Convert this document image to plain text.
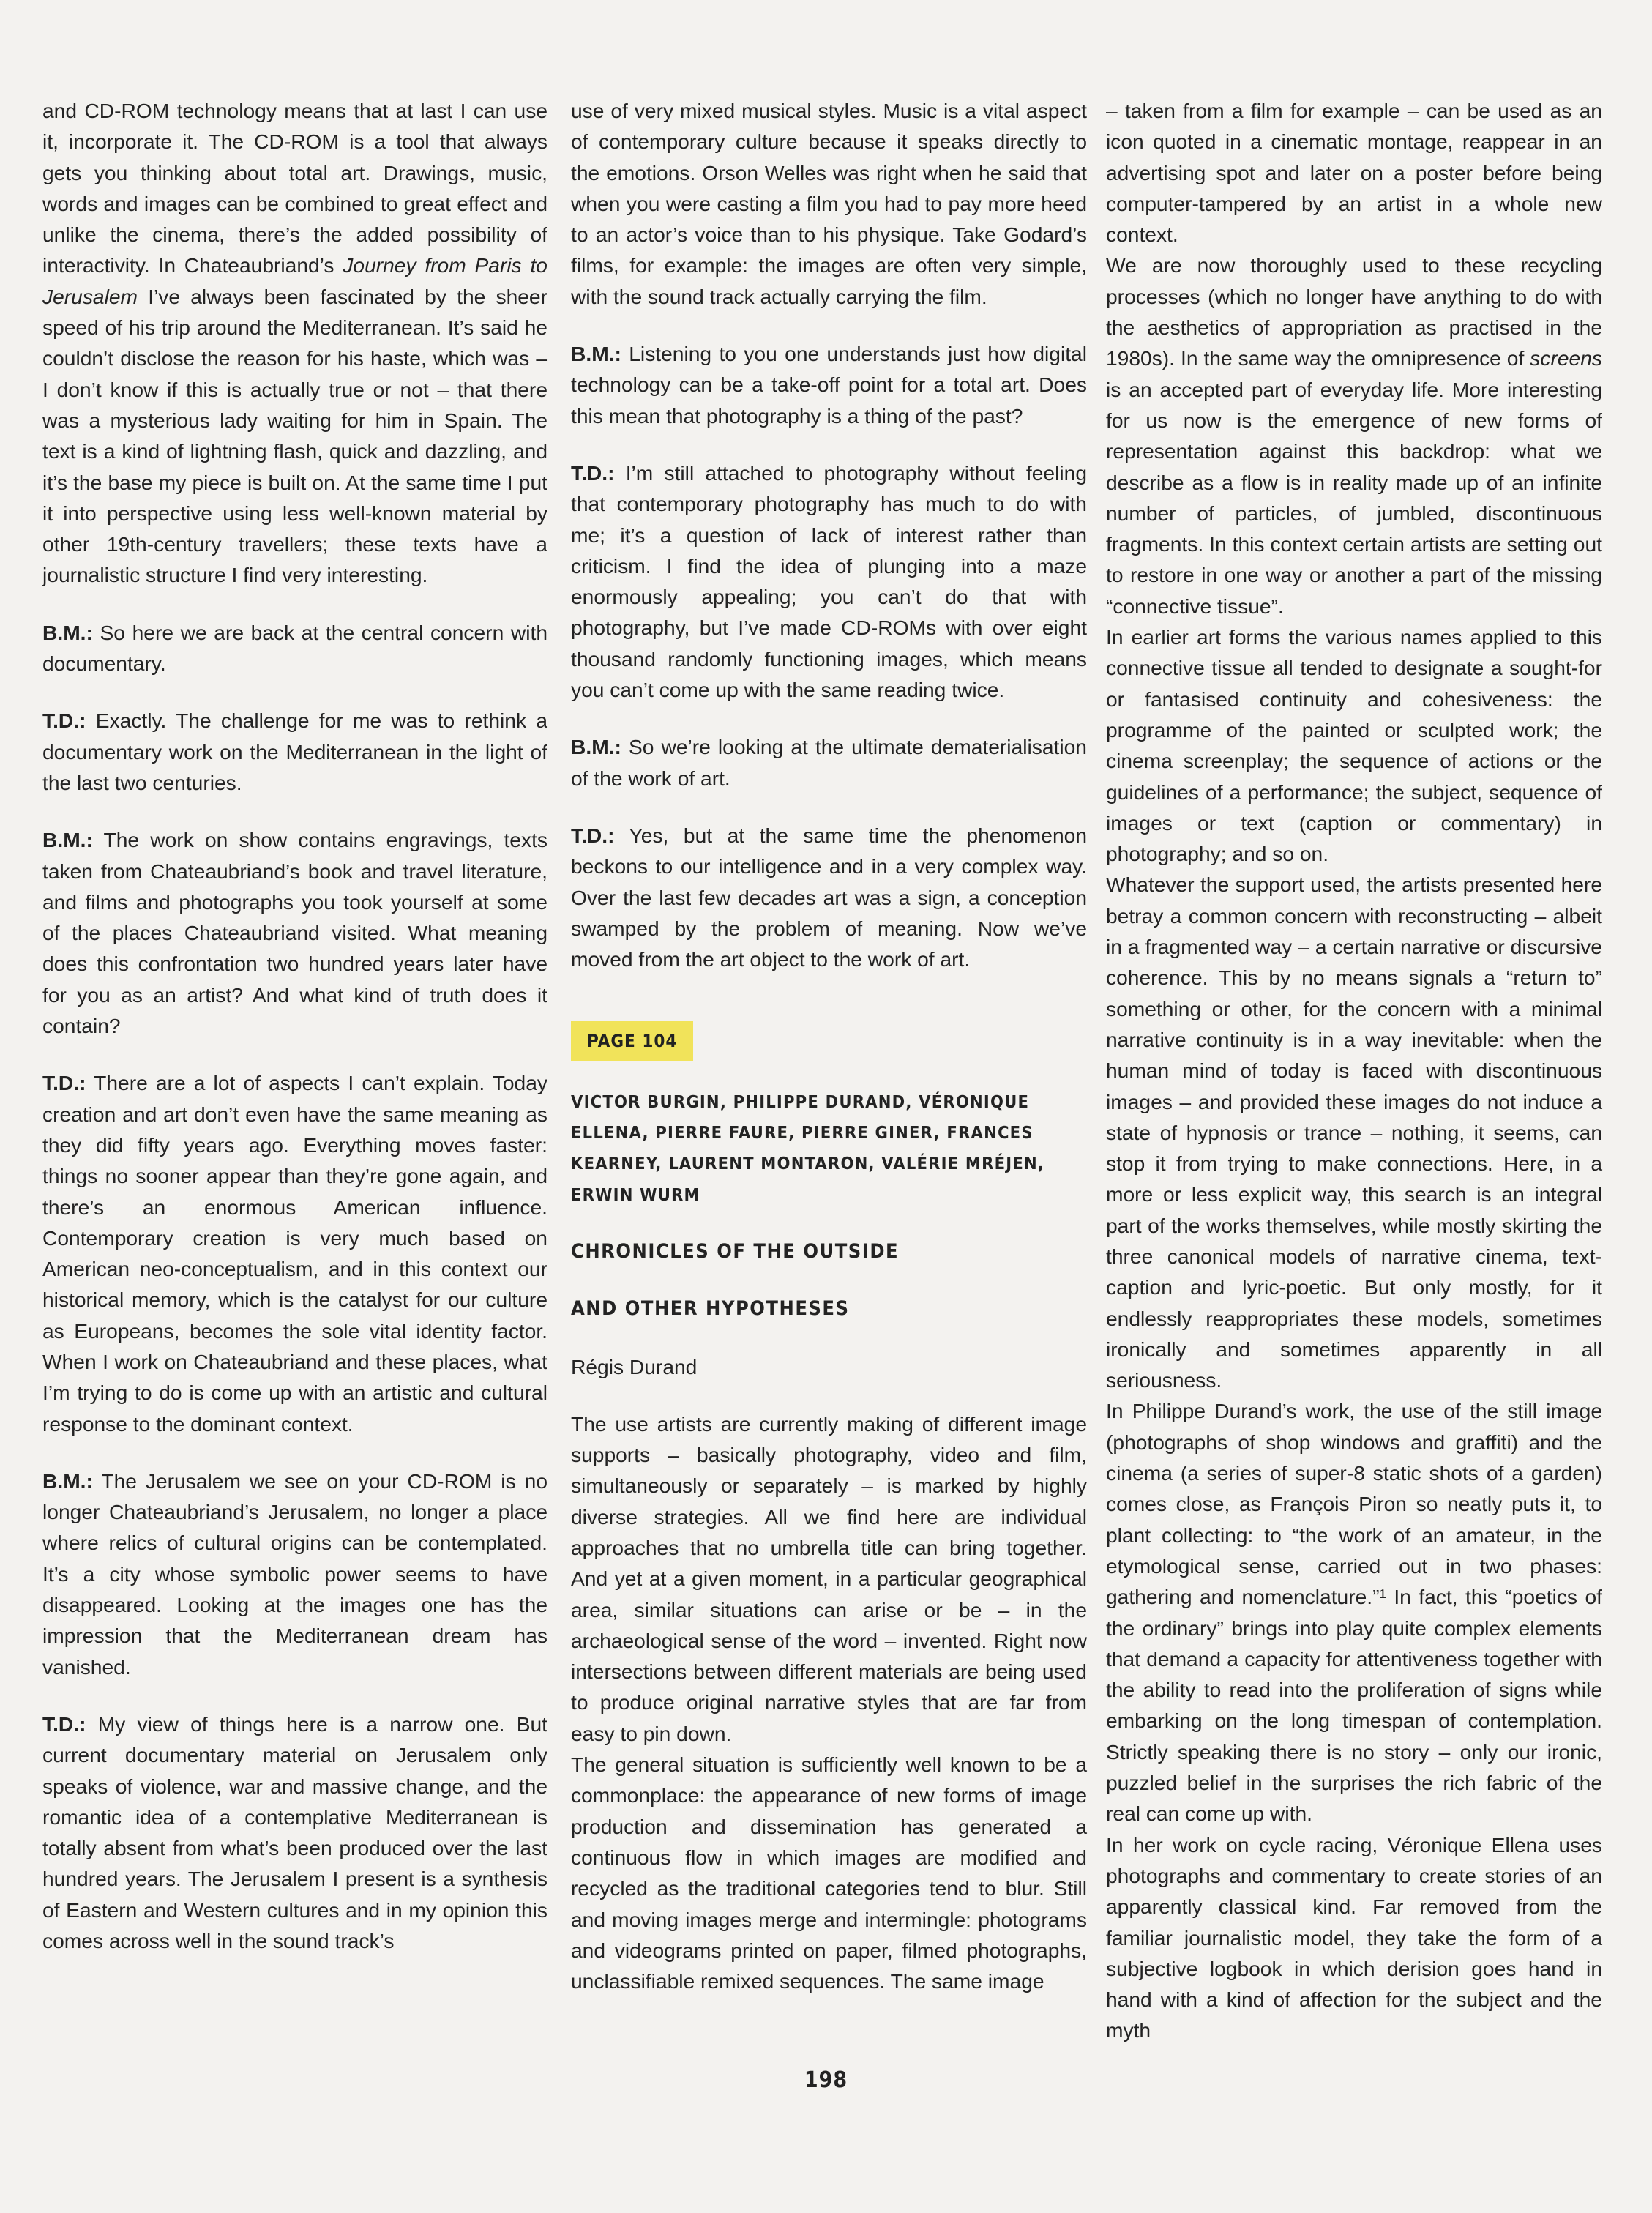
and CD-ROM technology means that at last I can use it, incorporate it. The CD-ROM is a tool that always gets you thinking about total art. Drawings, music, words and images can be combined to great effect and unlike the cinema, there’s the added possibility of interactivity. In Chateaubriand’s Journey from Paris to Jerusalem I’ve always been fascinated by the sheer speed of his trip around the Mediterranean. It’s said he couldn’t disclose the reason for his haste, which was – I don’t know if this is actually true or not – that there was a mysterious lady waiting for him in Spain. The text is a kind of lightning flash, quick and dazzling, and it’s the base my piece is built on. At the same time I put it into perspective using less well-known material by other 19th-century travellers; these texts have a journalistic structure I find very interesting.

B.M.: So here we are back at the central concern with documentary.

T.D.: Exactly. The challenge for me was to rethink a documentary work on the Mediterranean in the light of the last two centuries.

B.M.: The work on show contains engravings, texts taken from Chateaubriand’s book and travel literature, and films and photographs you took yourself at some of the places Chateaubriand visited. What meaning does this confrontation two hundred years later have for you as an artist? And what kind of truth does it contain?

T.D.: There are a lot of aspects I can’t explain. Today creation and art don’t even have the same meaning as they did fifty years ago. Everything moves faster: things no sooner appear than they’re gone again, and there’s an enormous American influence. Contemporary creation is very much based on American neo-conceptualism, and in this context our historical memory, which is the catalyst for our culture as Europeans, becomes the sole vital identity factor. When I work on Chateaubriand and these places, what I’m trying to do is come up with an artistic and cultural response to the dominant context.

B.M.: The Jerusalem we see on your CD-ROM is no longer Chateaubriand’s Jerusalem, no longer a place where relics of cultural origins can be contemplated. It’s a city whose symbolic power seems to have disappeared. Looking at the images one has the impression that the Mediterranean dream has vanished.

T.D.: My view of things here is a narrow one. But current documentary material on Jerusalem only speaks of violence, war and massive change, and the romantic idea of a contemplative Mediterranean is totally absent from what’s been produced over the last hundred years. The Jerusalem I present is a synthesis of Eastern and Western cultures and in my opinion this comes across well in the sound track’s

use of very mixed musical styles. Music is a vital aspect of contemporary culture because it speaks directly to the emotions. Orson Welles was right when he said that when you were casting a film you had to pay more heed to an actor’s voice than to his physique. Take Godard’s films, for example: the images are often very simple, with the sound track actually carrying the film.

B.M.: Listening to you one understands just how digital technology can be a take-off point for a total art. Does this mean that photography is a thing of the past?

T.D.: I’m still attached to photography without feeling that contemporary photography has much to do with me; it’s a question of lack of interest rather than criticism. I find the idea of plunging into a maze enormously appealing; you can’t do that with photography, but I’ve made CD-ROMs with over eight thousand randomly functioning images, which means you can’t come up with the same reading twice.

B.M.: So we’re looking at the ultimate dematerialisation of the work of art.

T.D.: Yes, but at the same time the phenomenon beckons to our intelligence and in a very complex way. Over the last few decades art was a sign, a conception swamped by the problem of meaning. Now we’ve moved from the art object to the work of art.

PAGE 104

VICTOR BURGIN, PHILIPPE DURAND, VÉRONIQUE ELLENA, PIERRE FAURE, PIERRE GINER, FRANCES KEARNEY, LAURENT MONTARON, VALÉRIE MRÉJEN, ERWIN WURM

CHRONICLES OF THE OUTSIDE

AND OTHER HYPOTHESES

Régis Durand

The use artists are currently making of different image supports – basically photography, video and film, simultaneously or separately – is marked by highly diverse strategies. All we find here are individual approaches that no umbrella title can bring together. And yet at a given moment, in a particular geographical area, similar situations can arise or be – in the archaeological sense of the word – invented. Right now intersections between different materials are being used to produce original narrative styles that are far from easy to pin down.

The general situation is sufficiently well known to be a commonplace: the appearance of new forms of image production and dissemination has generated a continuous flow in which images are modified and recycled as the traditional categories tend to blur. Still and moving images merge and intermingle: photograms and videograms printed on paper, filmed photographs, unclassifiable remixed sequences. The same image

– taken from a film for example – can be used as an icon quoted in a cinematic montage, reappear in an advertising spot and later on a poster before being computer-tampered by an artist in a whole new context.

We are now thoroughly used to these recycling processes (which no longer have anything to do with the aesthetics of appropriation as practised in the 1980s). In the same way the omnipresence of screens is an accepted part of everyday life. More interesting for us now is the emergence of new forms of representation against this backdrop: what we describe as a flow is in reality made up of an infinite number of particles, of jumbled, discontinuous fragments. In this context certain artists are setting out to restore in one way or another a part of the missing “connective tissue”.

In earlier art forms the various names applied to this connective tissue all tended to designate a sought-for or fantasised continuity and cohesiveness: the programme of the painted or sculpted work; the cinema screenplay; the sequence of actions or the guidelines of a performance; the subject, sequence of images or text (caption or commentary) in photography; and so on.

Whatever the support used, the artists presented here betray a common concern with reconstructing – albeit in a fragmented way – a certain narrative or discursive coherence. This by no means signals a “return to” something or other, for the concern with a minimal narrative continuity is in a way inevitable: when the human mind of today is faced with discontinuous images – and provided these images do not induce a state of hypnosis or trance – nothing, it seems, can stop it from trying to make connections. Here, in a more or less explicit way, this search is an integral part of the works themselves, while mostly skirting the three canonical models of narrative cinema, text-caption and lyric-poetic. But only mostly, for it endlessly reappropriates these models, sometimes ironically and sometimes apparently in all seriousness.

In Philippe Durand’s work, the use of the still image (photographs of shop windows and graffiti) and the cinema (a series of super-8 static shots of a garden) comes close, as François Piron so neatly puts it, to plant collecting: to “the work of an amateur, in the etymological sense, carried out in two phases: gathering and nomenclature.”¹ In fact, this “poetics of the ordinary” brings into play quite complex elements that demand a capacity for attentiveness together with the ability to read into the proliferation of signs while embarking on the long timespan of contemplation. Strictly speaking there is no story – only our ironic, puzzled belief in the surprises the rich fabric of the real can come up with.

In her work on cycle racing, Véronique Ellena uses photographs and commentary to create stories of an apparently classical kind. Far removed from the familiar journalistic model, they take the form of a subjective logbook in which derision goes hand in hand with a kind of affection for the subject and the myth

198
